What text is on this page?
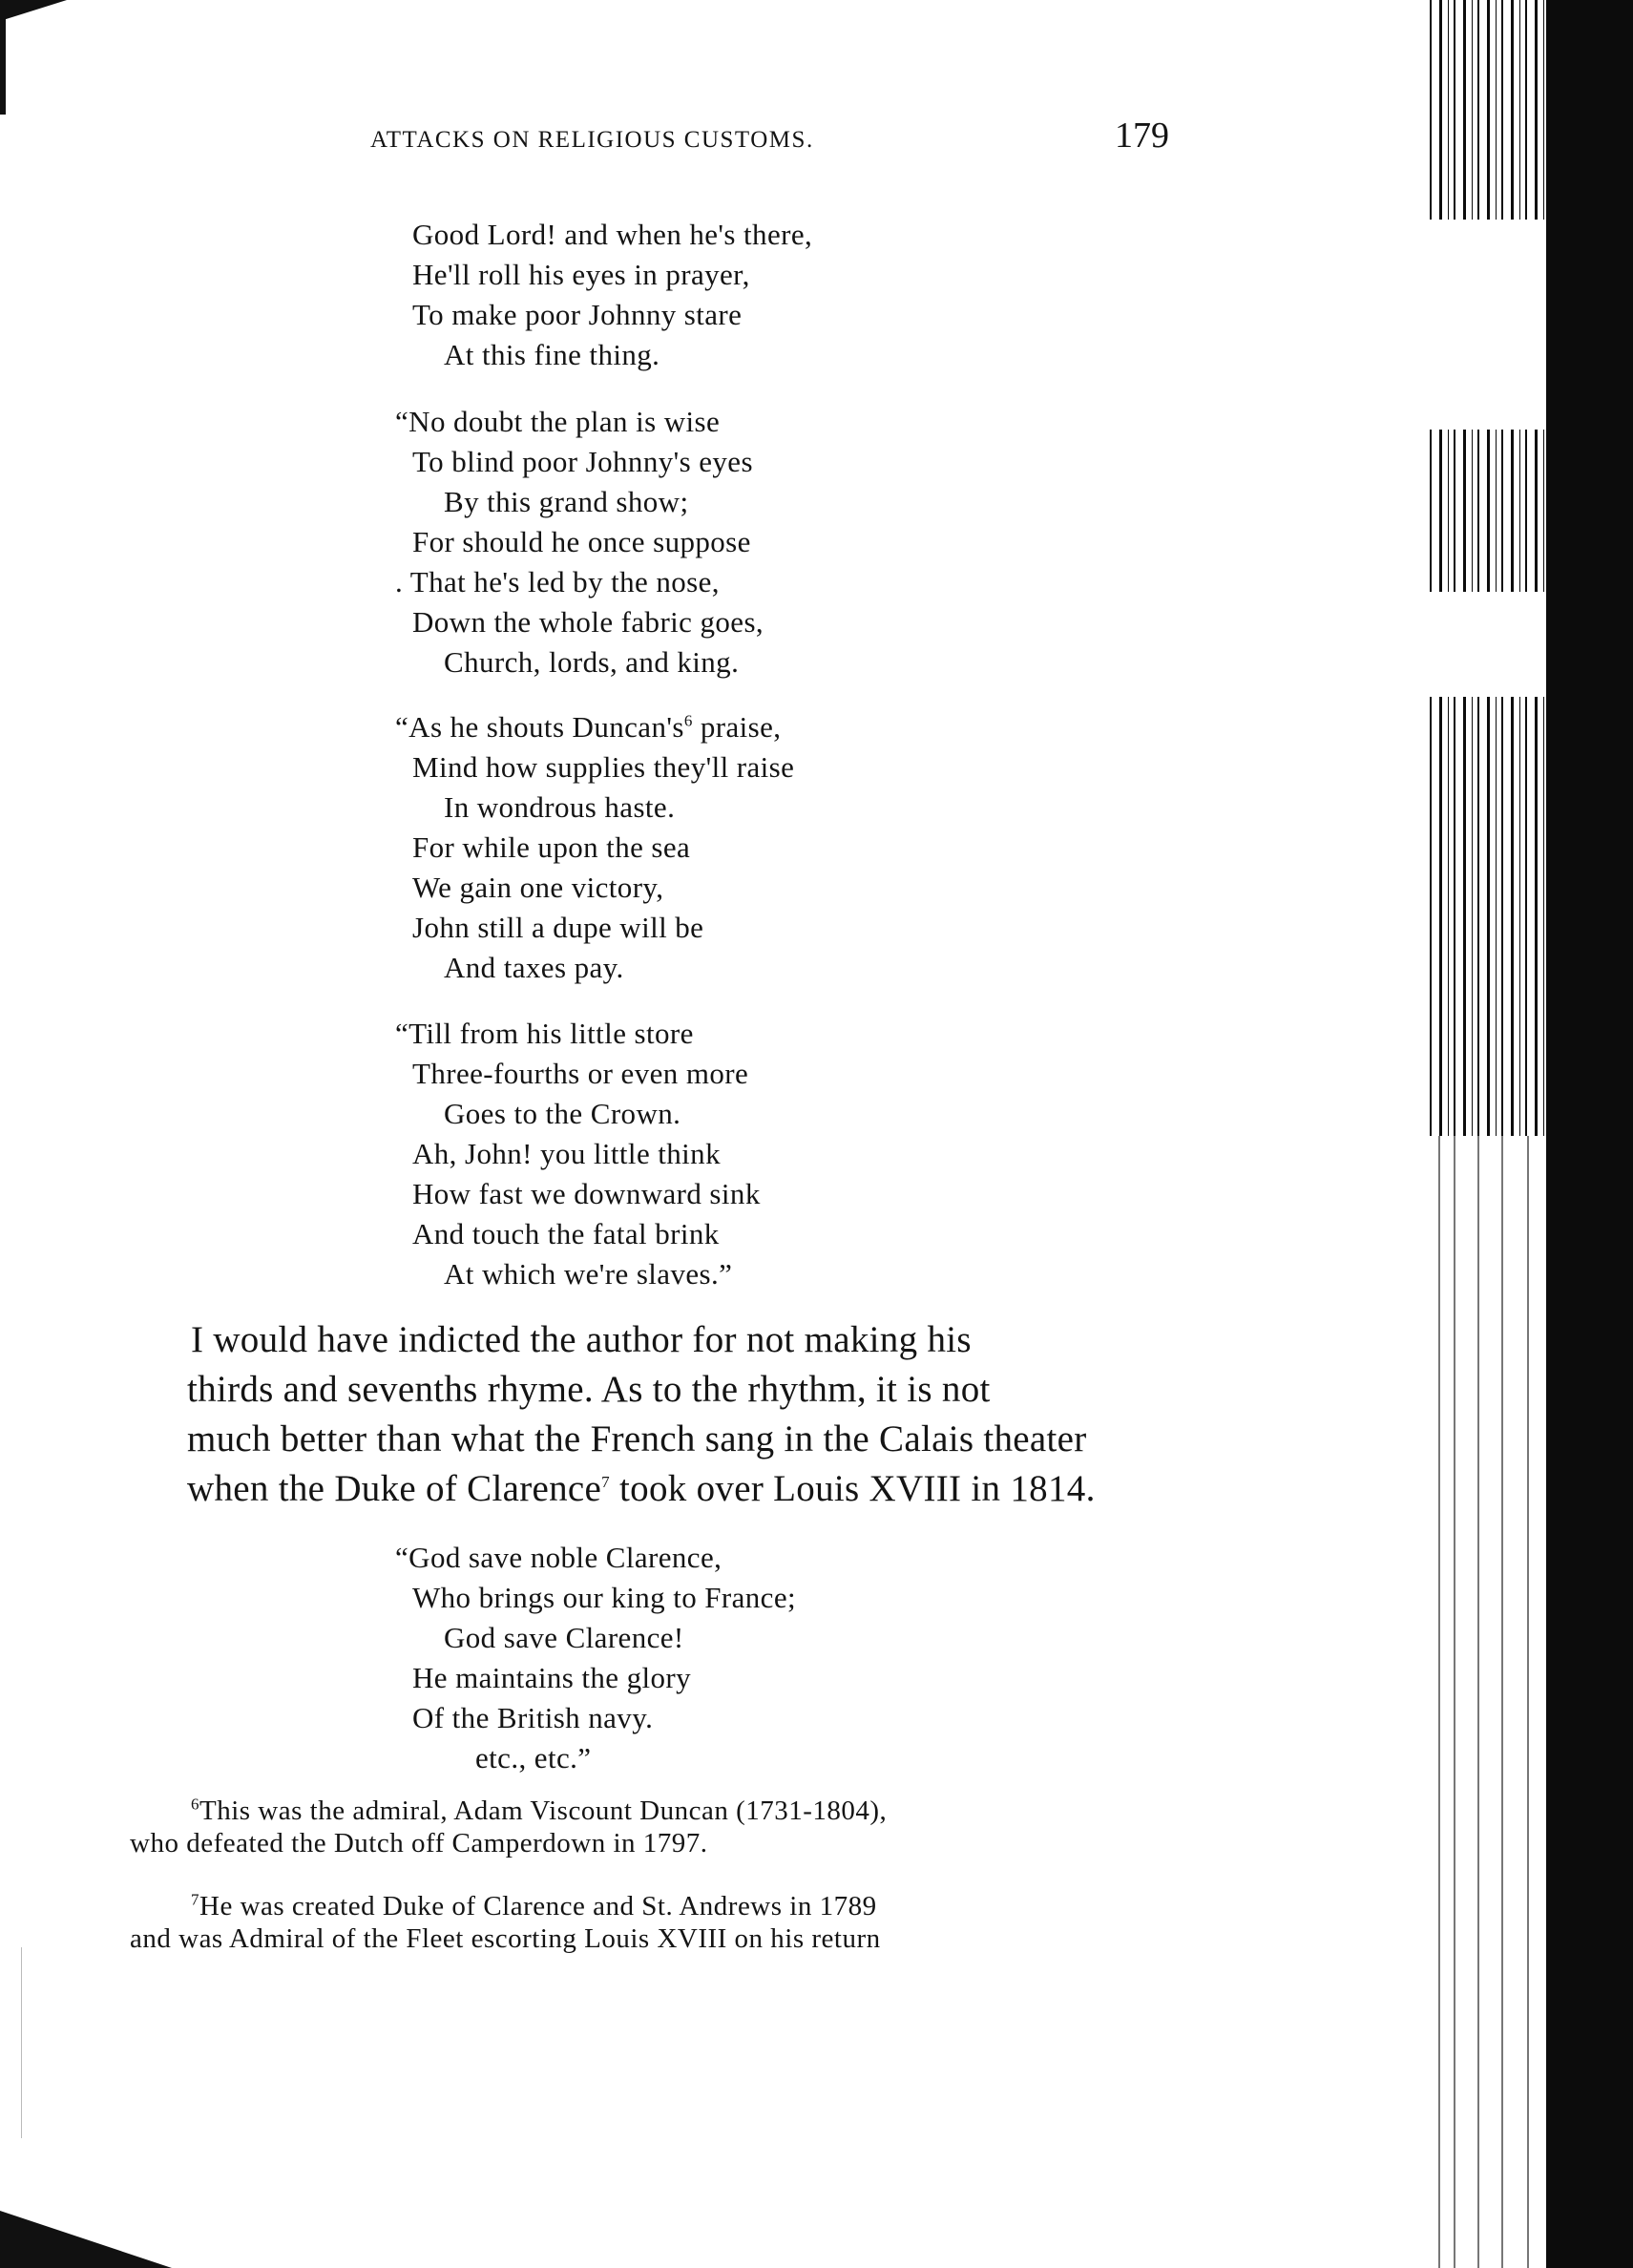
ATTACKS ON RELIGIOUS CUSTOMS.	179
Good Lord! and when he's there,
He'll roll his eyes in prayer,
To make poor Johnny stare
At this fine thing.
“No doubt the plan is wise
To blind poor Johnny's eyes
By this grand show;
For should he once suppose
. That he's led by the nose,
Down the whole fabric goes,
Church, lords, and king.
“As he shouts $Duncan's^6$ praise,
Mind how supplies they'll raise
In wondrous haste.
For while upon the sea
We gain one victory,
John still a dupe will be
And taxes pay.
“Till from his little store
Three-fourths or even more
Goes to the Crown.
Ah, John! you little think
How fast we downward sink
And touch the fatal brink
At which we're slaves.”
I would have indicted the author for not making his
thirds and sevenths rhyme. As to the rhythm, it is not
much better than what the French sang in the Calais theater
when the Duke of Clarence$^7$ took over Louis XVIII in 1814.
“God save noble Clarence,
Who brings our king to France;
God save Clarence!
He maintains the glory
Of the British navy.
etc., etc.”
$^6$This was the admiral, Adam Viscount Duncan (1731-1804),
who defeated the Dutch off Camperdown in 1797.
$^7$He was created Duke of Clarence and St. Andrews in 1789
and was Admiral of the Fleet escorting Louis XVIII on his return
